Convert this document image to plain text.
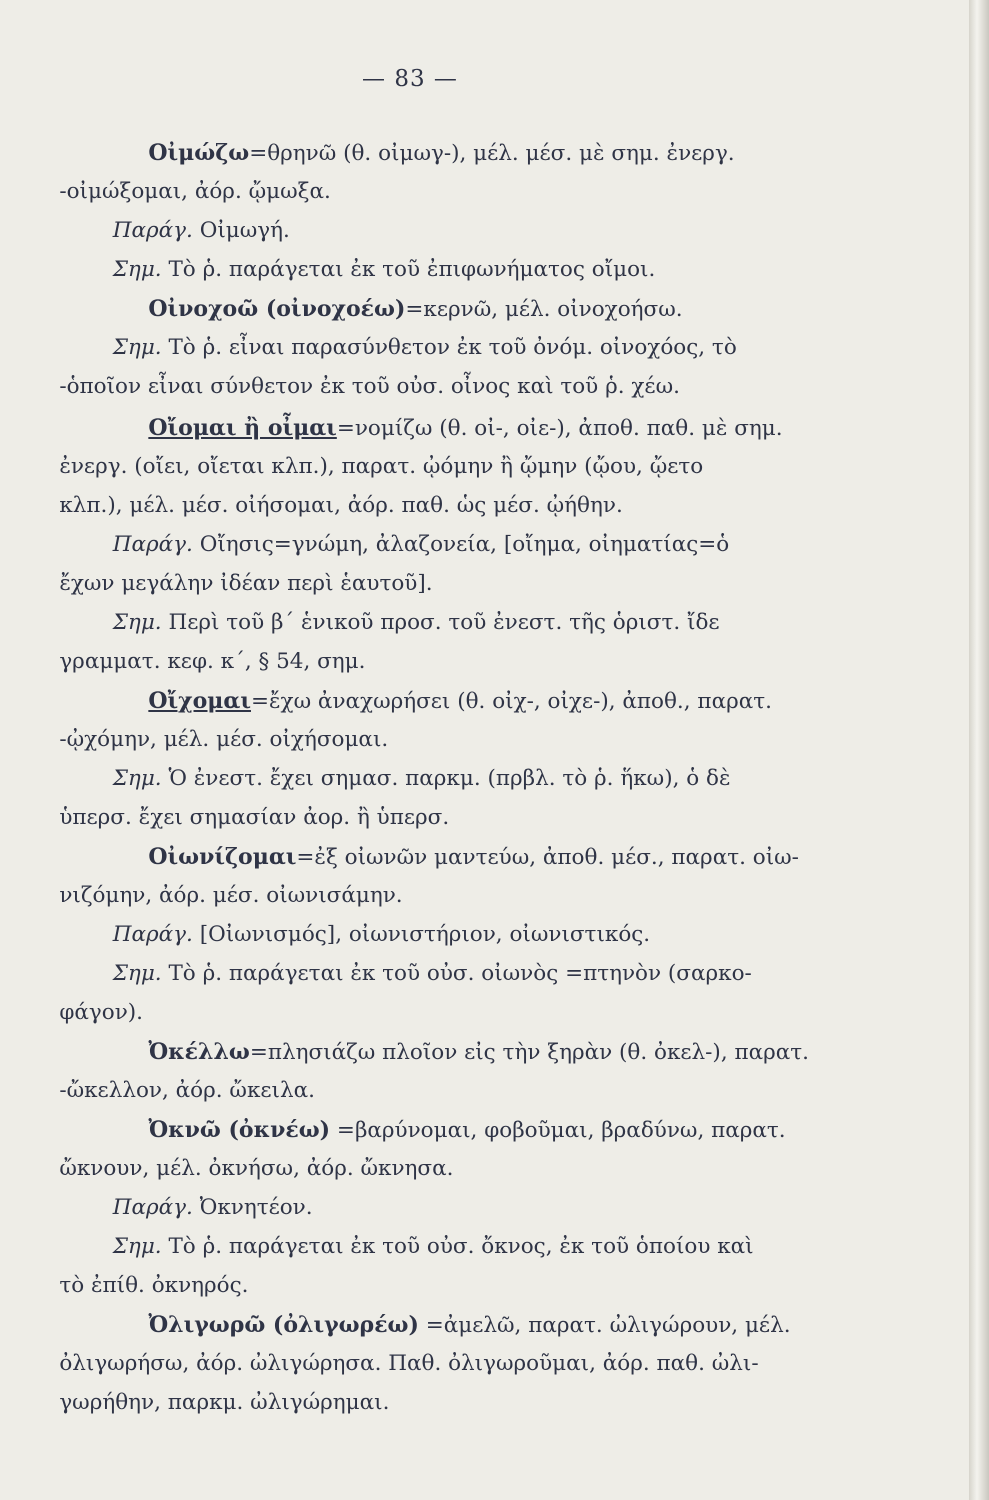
— 83 —
Οἰμώζω=θρηνῶ (θ. οἰμωγ-), μέλ. μέσ. μὲ σημ. ἐνεργ.
-οἰμώξομαι, ἀόρ. ᾤμωξα.
Παράγ. Οἰμωγή.
Σημ. Τὸ ῥ. παράγεται ἐκ τοῦ ἐπιφωνήματος οἴμοι.
Οἰνοχοῶ (οἰνοχοέω)=κερνῶ, μέλ. οἰνοχοήσω.
Σημ. Τὸ ῥ. εἶναι παρασύνθετον ἐκ τοῦ ὀνόμ. οἰνοχόος, τὸ
-ὁποῖον εἶναι σύνθετον ἐκ τοῦ οὐσ. οἶνος καὶ τοῦ ῥ. χέω.
Οἴομαι ἢ οἶμαι=νομίζω (θ. οἰ-, οἰε-), ἀποθ. παθ. μὲ σημ.
ἐνεργ. (οἴει, οἴεται κλπ.), παρατ. ᾠόμην ἢ ᾤμην (ᾤου, ᾤετο
κλπ.), μέλ. μέσ. οἰήσομαι, ἀόρ. παθ. ὡς μέσ. ᾠήθην.
Παράγ. Οἴησις=γνώμη, ἀλαζονεία, [οἴημα, οἰηματίας=ὁ
ἔχων μεγάλην ἰδέαν περὶ ἑαυτοῦ].
Σημ. Περὶ τοῦ β´ ἑνικοῦ προσ. τοῦ ἐνεστ. τῆς ὁριστ. ἴδε
γραμματ. κεφ. κ´, § 54, σημ.
Οἴχομαι=ἔχω ἀναχωρήσει (θ. οἰχ-, οἰχε-), ἀποθ., παρατ.
-ᾠχόμην, μέλ. μέσ. οἰχήσομαι.
Σημ. Ὁ ἐνεστ. ἔχει σημασ. παρκμ. (πρβλ. τὸ ῥ. ἥκω), ὁ δὲ
ὑπερσ. ἔχει σημασίαν ἀορ. ἢ ὑπερσ.
Οἰωνίζομαι=ἐξ οἰωνῶν μαντεύω, ἀποθ. μέσ., παρατ. οἰω-
νιζόμην, ἀόρ. μέσ. οἰωνισάμην.
Παράγ. [Οἰωνισμός], οἰωνιστήριον, οἰωνιστικός.
Σημ. Τὸ ῥ. παράγεται ἐκ τοῦ οὐσ. οἰωνὸς =πτηνὸν (σαρκο-
φάγον).
Ὀκέλλω=πλησιάζω πλοῖον εἰς τὴν ξηρὰν (θ. ὀκελ-), παρατ.
-ὤκελλον, ἀόρ. ὤκειλα.
Ὀκνῶ (ὀκνέω) =βαρύνομαι, φοβοῦμαι, βραδύνω, παρατ.
ὤκνουν, μέλ. ὀκνήσω, ἀόρ. ὤκνησα.
Παράγ. Ὀκνητέον.
Σημ. Τὸ ῥ. παράγεται ἐκ τοῦ οὐσ. ὄκνος, ἐκ τοῦ ὁποίου καὶ
τὸ ἐπίθ. ὀκνηρός.
Ὀλιγωρῶ (ὀλιγωρέω) =ἀμελῶ, παρατ. ὠλιγώρουν, μέλ.
ὀλιγωρήσω, ἀόρ. ὠλιγώρησα. Παθ. ὀλιγωροῦμαι, ἀόρ. παθ. ὠλι-
γωρήθην, παρκμ. ὠλιγώρημαι.
